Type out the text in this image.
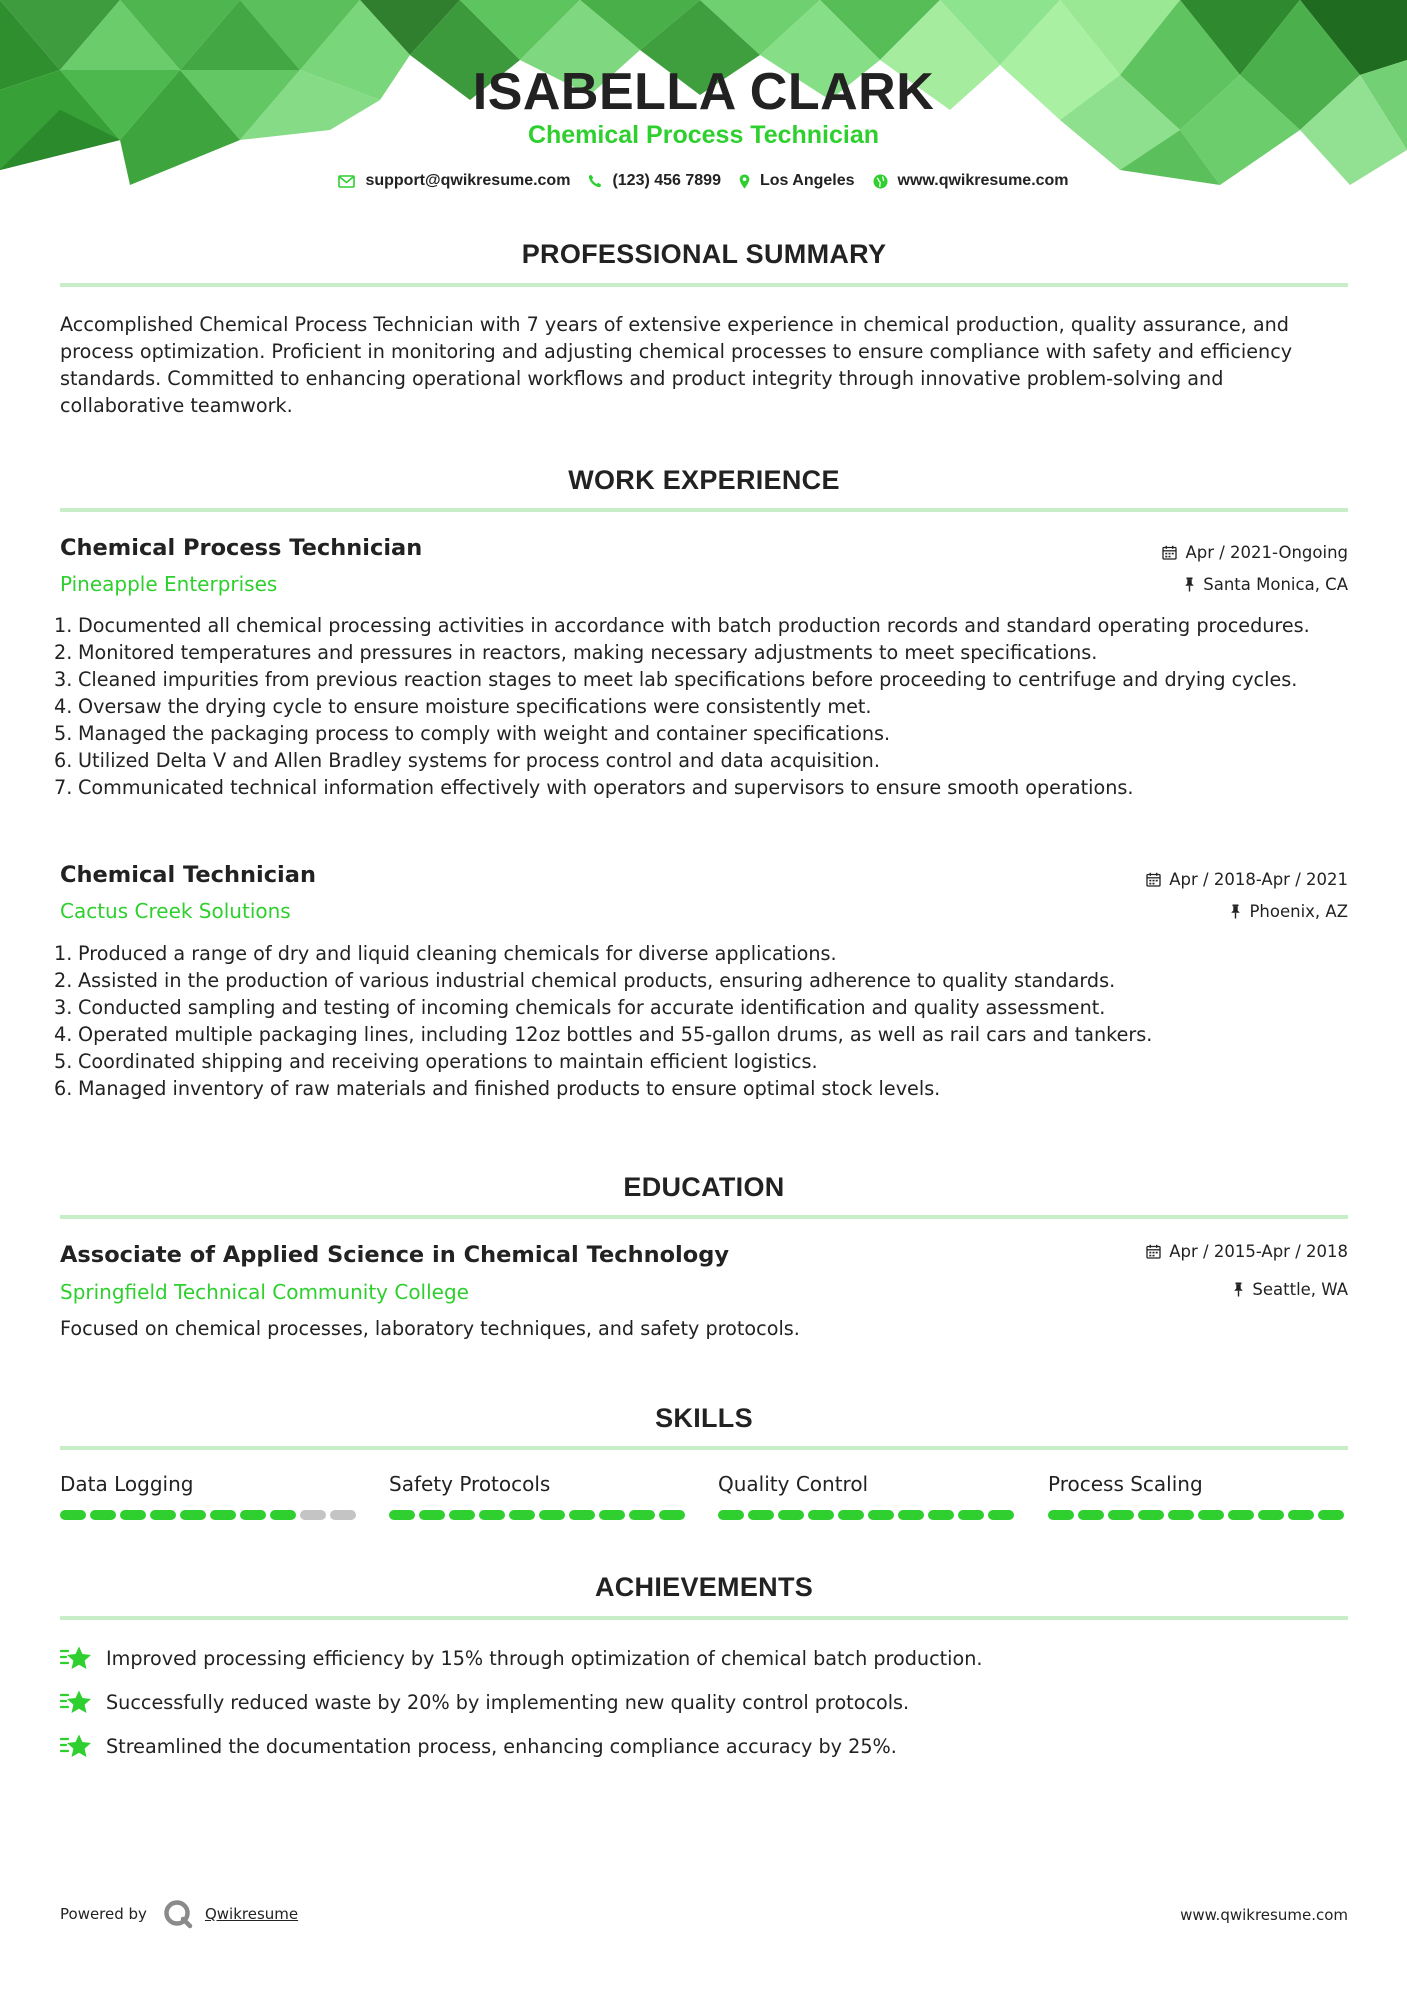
ISABELLA CLARK
Chemical Process Technician
support@qwikresume.com	(123) 456 7899 Los Angeles	www.qwikresume.com
PROFESSIONAL SUMMARY

Accomplished Chemical Process Technician with 7 years of extensive experience in chemical production, quality assurance, and process optimization. Proficient in monitoring and adjusting chemical processes to ensure compliance with safety and efficiency standards. Committed to enhancing operational workflows and product integrity through innovative problem-solving and collaborative teamwork.

WORK EXPERIENCE
Chemical Process Technician
Pineapple Enterprises
Apr / 2021-Ongoing
Santa Monica, CA
1. Documented all chemical processing activities in accordance with batch production records and standard operating procedures.
2. Monitored temperatures and pressures in reactors, making necessary adjustments to meet specifications.
3. Cleaned impurities from previous reaction stages to meet lab specifications before proceeding to centrifuge and drying cycles.
4. Oversaw the drying cycle to ensure moisture specifications were consistently met.
5. Managed the packaging process to comply with weight and container specifications.
6. Utilized Delta V and Allen Bradley systems for process control and data acquisition.
7. Communicated technical information effectively with operators and supervisors to ensure smooth operations.
Chemical Technician
Cactus Creek Solutions
Apr / 2018-Apr / 2021
Phoenix, AZ
1. Produced a range of dry and liquid cleaning chemicals for diverse applications.
2. Assisted in the production of various industrial chemical products, ensuring adherence to quality standards.
3. Conducted sampling and testing of incoming chemicals for accurate identification and quality assessment.
4. Operated multiple packaging lines, including 12oz bottles and 55-gallon drums, as well as rail cars and tankers.
5. Coordinated shipping and receiving operations to maintain efficient logistics.
6. Managed inventory of raw materials and finished products to ensure optimal stock levels.
EDUCATION
Associate of Applied Science in Chemical Technology
Springfield Technical Community College
Apr / 2015-Apr / 2018
Seattle, WA

Focused on chemical processes, laboratory techniques, and safety protocols.

SKILLS
Data Logging	Safety Protocols	Quality Control	Process Scaling
ACHIEVEMENTS
Improved processing efficiency by 15% through optimization of chemical batch production.
Successfully reduced waste by 20% by implementing new quality control protocols.
Streamlined the documentation process, enhancing compliance accuracy by 25%.
Powered by	Qwikresume	www.qwikresume.com
